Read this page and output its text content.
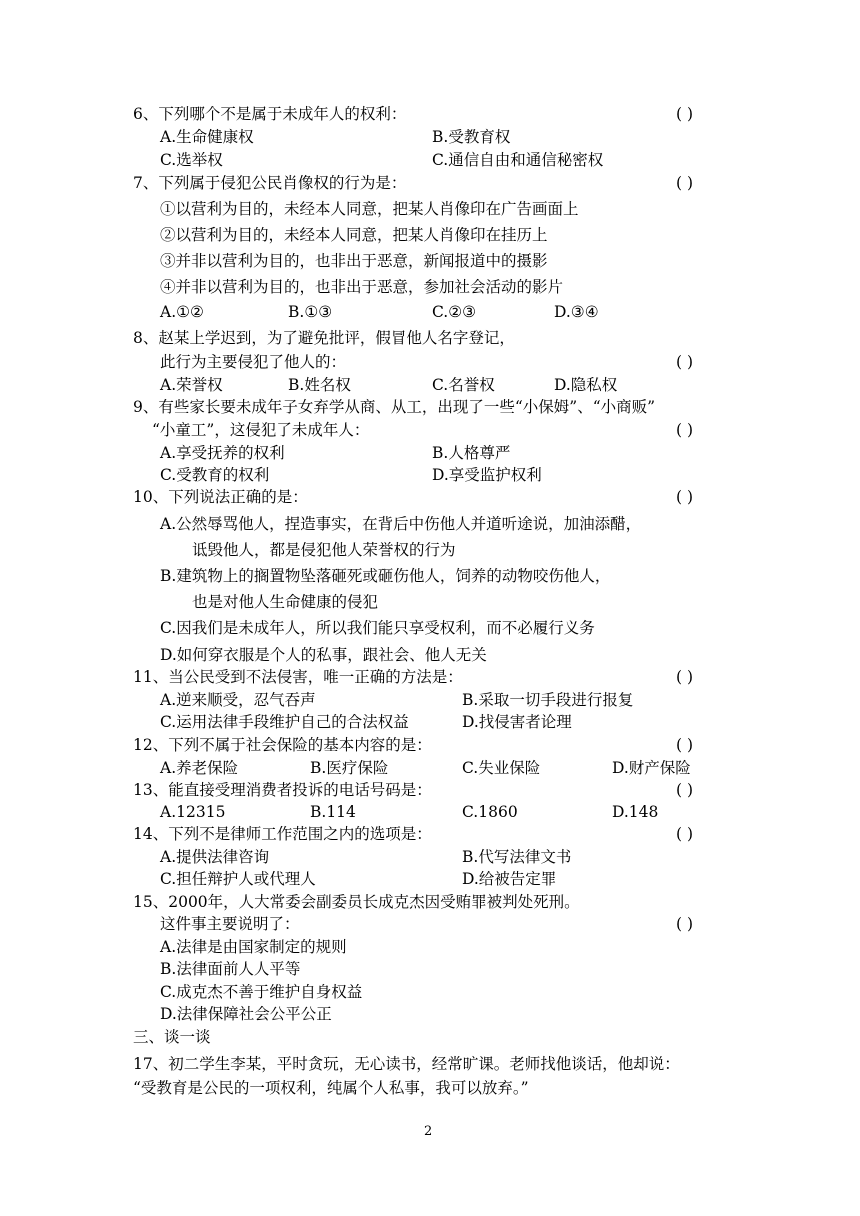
6、下列哪个不是属于未成年人的权利：	( )
A.生命健康权	B.受教育权
C.选举权	C.通信自由和通信秘密权
7、下列属于侵犯公民肖像权的行为是：	( )
①以营利为目的，未经本人同意，把某人肖像印在广告画面上
②以营利为目的，未经本人同意，把某人肖像印在挂历上
③并非以营利为目的，也非出于恶意，新闻报道中的摄影
④并非以营利为目的，也非出于恶意，参加社会活动的影片
A.①②	B.①③	C.②③	D.③④
8、赵某上学迟到，为了避免批评，假冒他人名字登记，
此行为主要侵犯了他人的：	( )
A.荣誉权	B.姓名权	C.名誉权	D.隐私权
9、有些家长要未成年子女弃学从商、从工，出现了一些“小保姆”、“小商贩”
“小童工”，这侵犯了未成年人：	( )
A.享受抚养的权利	B.人格尊严
C.受教育的权利	D.享受监护权利
10、下列说法正确的是：	( )
A.公然辱骂他人，捏造事实，在背后中伤他人并道听途说，加油添醋，
诋毁他人，都是侵犯他人荣誉权的行为
B.建筑物上的搁置物坠落砸死或砸伤他人，饲养的动物咬伤他人，
也是对他人生命健康的侵犯
C.因我们是未成年人，所以我们能只享受权利，而不必履行义务
D.如何穿衣服是个人的私事，跟社会、他人无关
11、当公民受到不法侵害，唯一正确的方法是：	( )
A.逆来顺受，忍气吞声	B.采取一切手段进行报复
C.运用法律手段维护自己的合法权益	D.找侵害者论理
12、下列不属于社会保险的基本内容的是：	( )
A.养老保险	B.医疗保险	C.失业保险	D.财产保险
13、能直接受理消费者投诉的电话号码是：	( )
A.12315	B.114	C.1860	D.148
14、下列不是律师工作范围之内的选项是：	( )
A.提供法律咨询	B.代写法律文书
C.担任辩护人或代理人	D.给被告定罪
15、2000年，人大常委会副委员长成克杰因受贿罪被判处死刑。
这件事主要说明了：	( )
A.法律是由国家制定的规则
B.法律面前人人平等
C.成克杰不善于维护自身权益
D.法律保障社会公平公正
三、谈一谈
17、初二学生李某，平时贪玩，无心读书，经常旷课。老师找他谈话，他却说：
“受教育是公民的一项权利，纯属个人私事，我可以放弃。”
2
